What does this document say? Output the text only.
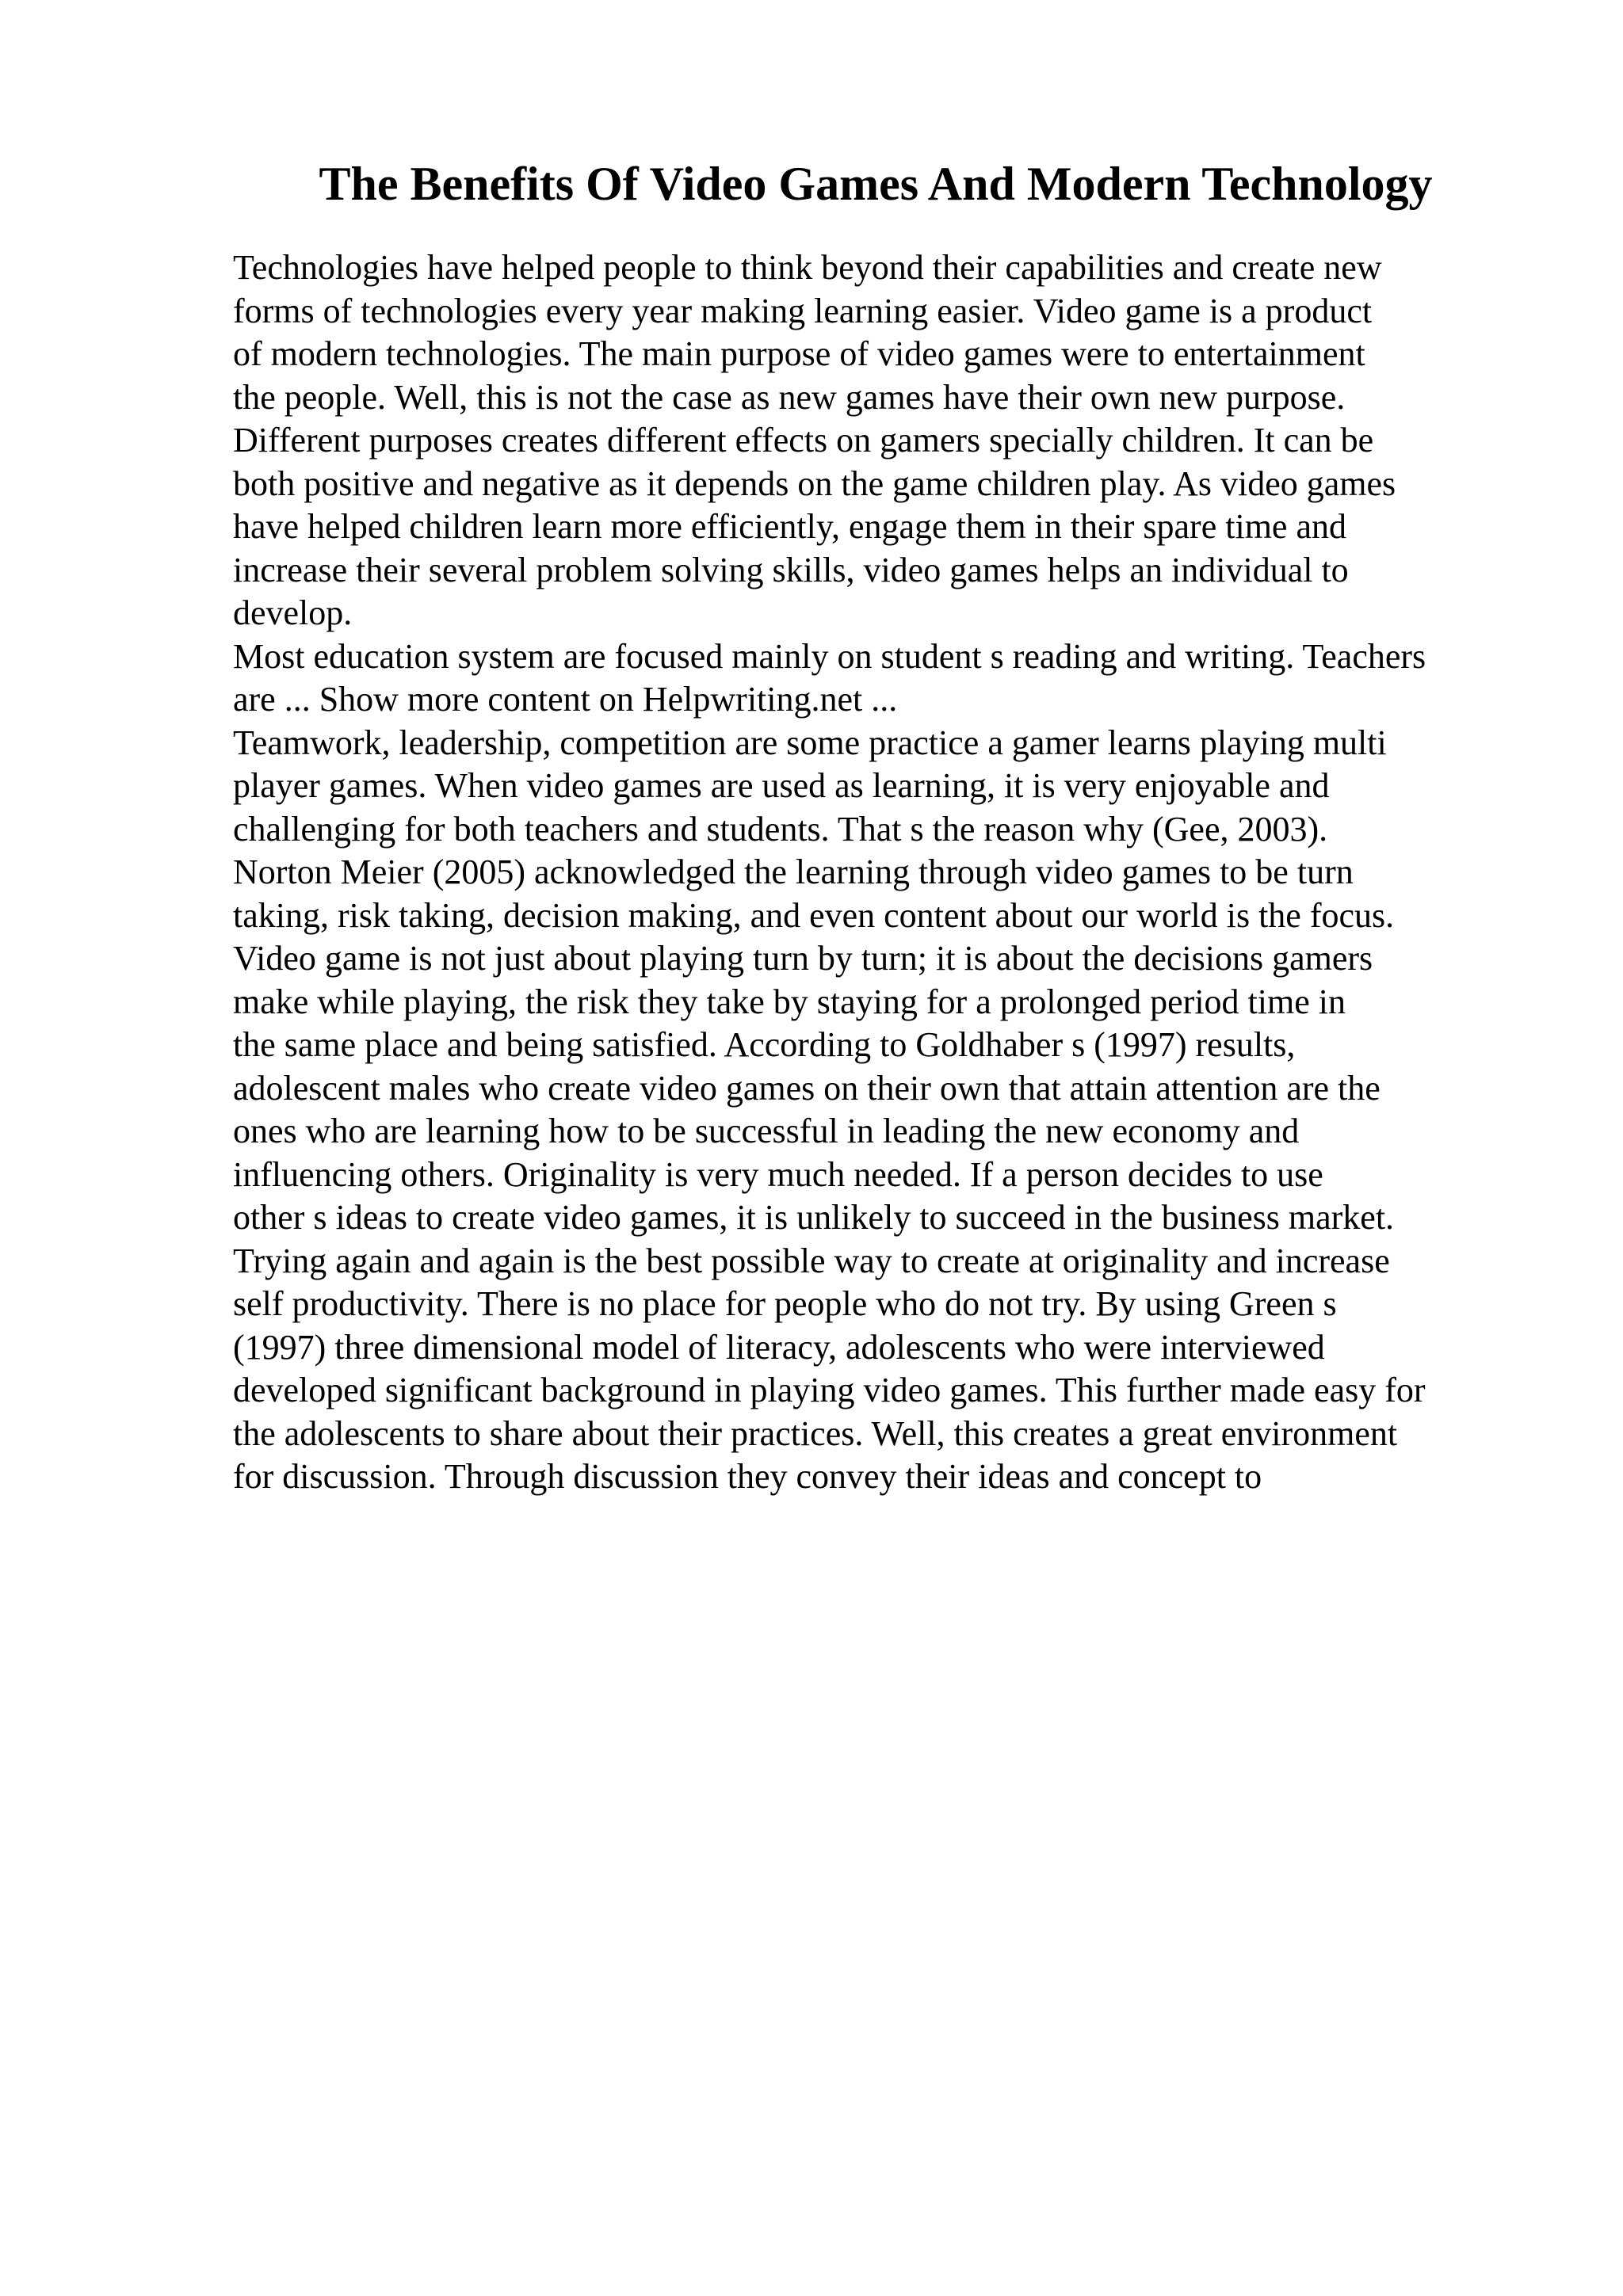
The Benefits Of Video Games And Modern Technology
Technologies have helped people to think beyond their capabilities and create new
forms of technologies every year making learning easier. Video game is a product
of modern technologies. The main purpose of video games were to entertainment
the people. Well, this is not the case as new games have their own new purpose.
Different purposes creates different effects on gamers specially children. It can be
both positive and negative as it depends on the game children play. As video games
have helped children learn more efficiently, engage them in their spare time and
increase their several problem solving skills, video games helps an individual to
develop.
Most education system are focused mainly on student s reading and writing. Teachers
are ... Show more content on Helpwriting.net ...
Teamwork, leadership, competition are some practice a gamer learns playing multi
player games. When video games are used as learning, it is very enjoyable and
challenging for both teachers and students. That s the reason why (Gee, 2003).
Norton Meier (2005) acknowledged the learning through video games to be turn
taking, risk taking, decision making, and even content about our world is the focus.
Video game is not just about playing turn by turn; it is about the decisions gamers
make while playing, the risk they take by staying for a prolonged period time in
the same place and being satisfied. According to Goldhaber s (1997) results,
adolescent males who create video games on their own that attain attention are the
ones who are learning how to be successful in leading the new economy and
influencing others. Originality is very much needed. If a person decides to use
other s ideas to create video games, it is unlikely to succeed in the business market.
Trying again and again is the best possible way to create at originality and increase
self productivity. There is no place for people who do not try. By using Green s
(1997) three dimensional model of literacy, adolescents who were interviewed
developed significant background in playing video games. This further made easy for
the adolescents to share about their practices. Well, this creates a great environment
for discussion. Through discussion they convey their ideas and concept to
